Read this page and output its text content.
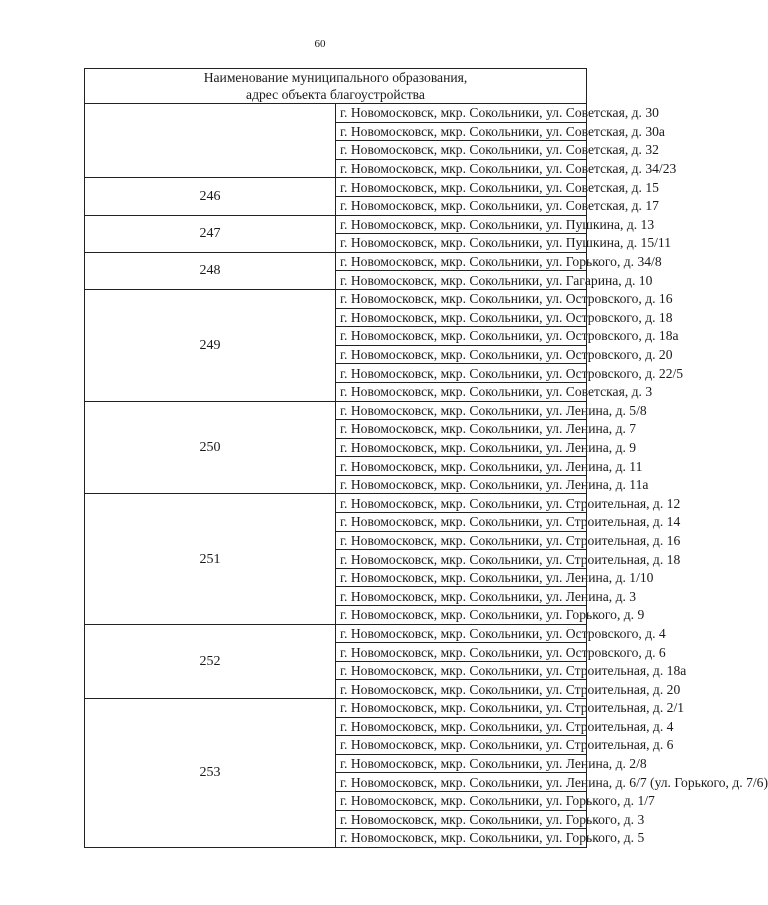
60
Наименование муниципального образования,
адрес объекта благоустройства	
	г. Новомосковск, мкр. Сокольники, ул. Советская, д. 30
	г. Новомосковск, мкр. Сокольники, ул. Советская, д. 30а
	г. Новомосковск, мкр. Сокольники, ул. Советская, д. 32
	г. Новомосковск, мкр. Сокольники, ул. Советская, д. 34/23
246	г. Новомосковск, мкр. Сокольники, ул. Советская, д. 15
	г. Новомосковск, мкр. Сокольники, ул. Советская, д. 17
247	г. Новомосковск, мкр. Сокольники, ул. Пушкина, д. 13
	г. Новомосковск, мкр. Сокольники, ул. Пушкина, д. 15/11
248	г. Новомосковск, мкр. Сокольники, ул. Горького, д. 34/8
	г. Новомосковск, мкр. Сокольники, ул. Гагарина, д. 10
249	г. Новомосковск, мкр. Сокольники, ул. Островского, д. 16
	г. Новомосковск, мкр. Сокольники, ул. Островского, д. 18
	г. Новомосковск, мкр. Сокольники, ул. Островского, д. 18а
	г. Новомосковск, мкр. Сокольники, ул. Островского, д. 20
	г. Новомосковск, мкр. Сокольники, ул. Островского, д. 22/5
	г. Новомосковск, мкр. Сокольники, ул. Советская, д. 3
250	г. Новомосковск, мкр. Сокольники, ул. Ленина, д. 5/8
	г. Новомосковск, мкр. Сокольники, ул. Ленина, д. 7
	г. Новомосковск, мкр. Сокольники, ул. Ленина, д. 9
	г. Новомосковск, мкр. Сокольники, ул. Ленина, д. 11
	г. Новомосковск, мкр. Сокольники, ул. Ленина, д. 11а
251	г. Новомосковск, мкр. Сокольники, ул. Строительная, д. 12
	г. Новомосковск, мкр. Сокольники, ул. Строительная, д. 14
	г. Новомосковск, мкр. Сокольники, ул. Строительная, д. 16
	г. Новомосковск, мкр. Сокольники, ул. Строительная, д. 18
	г. Новомосковск, мкр. Сокольники, ул. Ленина, д. 1/10
	г. Новомосковск, мкр. Сокольники, ул. Ленина, д. 3
	г. Новомосковск, мкр. Сокольники, ул. Горького, д. 9
252	г. Новомосковск, мкр. Сокольники, ул. Островского, д. 4
	г. Новомосковск, мкр. Сокольники, ул. Островского, д. 6
	г. Новомосковск, мкр. Сокольники, ул. Строительная, д. 18а
	г. Новомосковск, мкр. Сокольники, ул. Строительная, д. 20
253	г. Новомосковск, мкр. Сокольники, ул. Строительная, д. 2/1
	г. Новомосковск, мкр. Сокольники, ул. Строительная, д. 4
	г. Новомосковск, мкр. Сокольники, ул. Строительная, д. 6
	г. Новомосковск, мкр. Сокольники, ул. Ленина, д. 2/8
	г. Новомосковск, мкр. Сокольники, ул. Ленина, д. 6/7 (ул. Горького, д. 7/6)
	г. Новомосковск, мкр. Сокольники, ул. Горького, д. 1/7
	г. Новомосковск, мкр. Сокольники, ул. Горького, д. 3
	г. Новомосковск, мкр. Сокольники, ул. Горького, д. 5
